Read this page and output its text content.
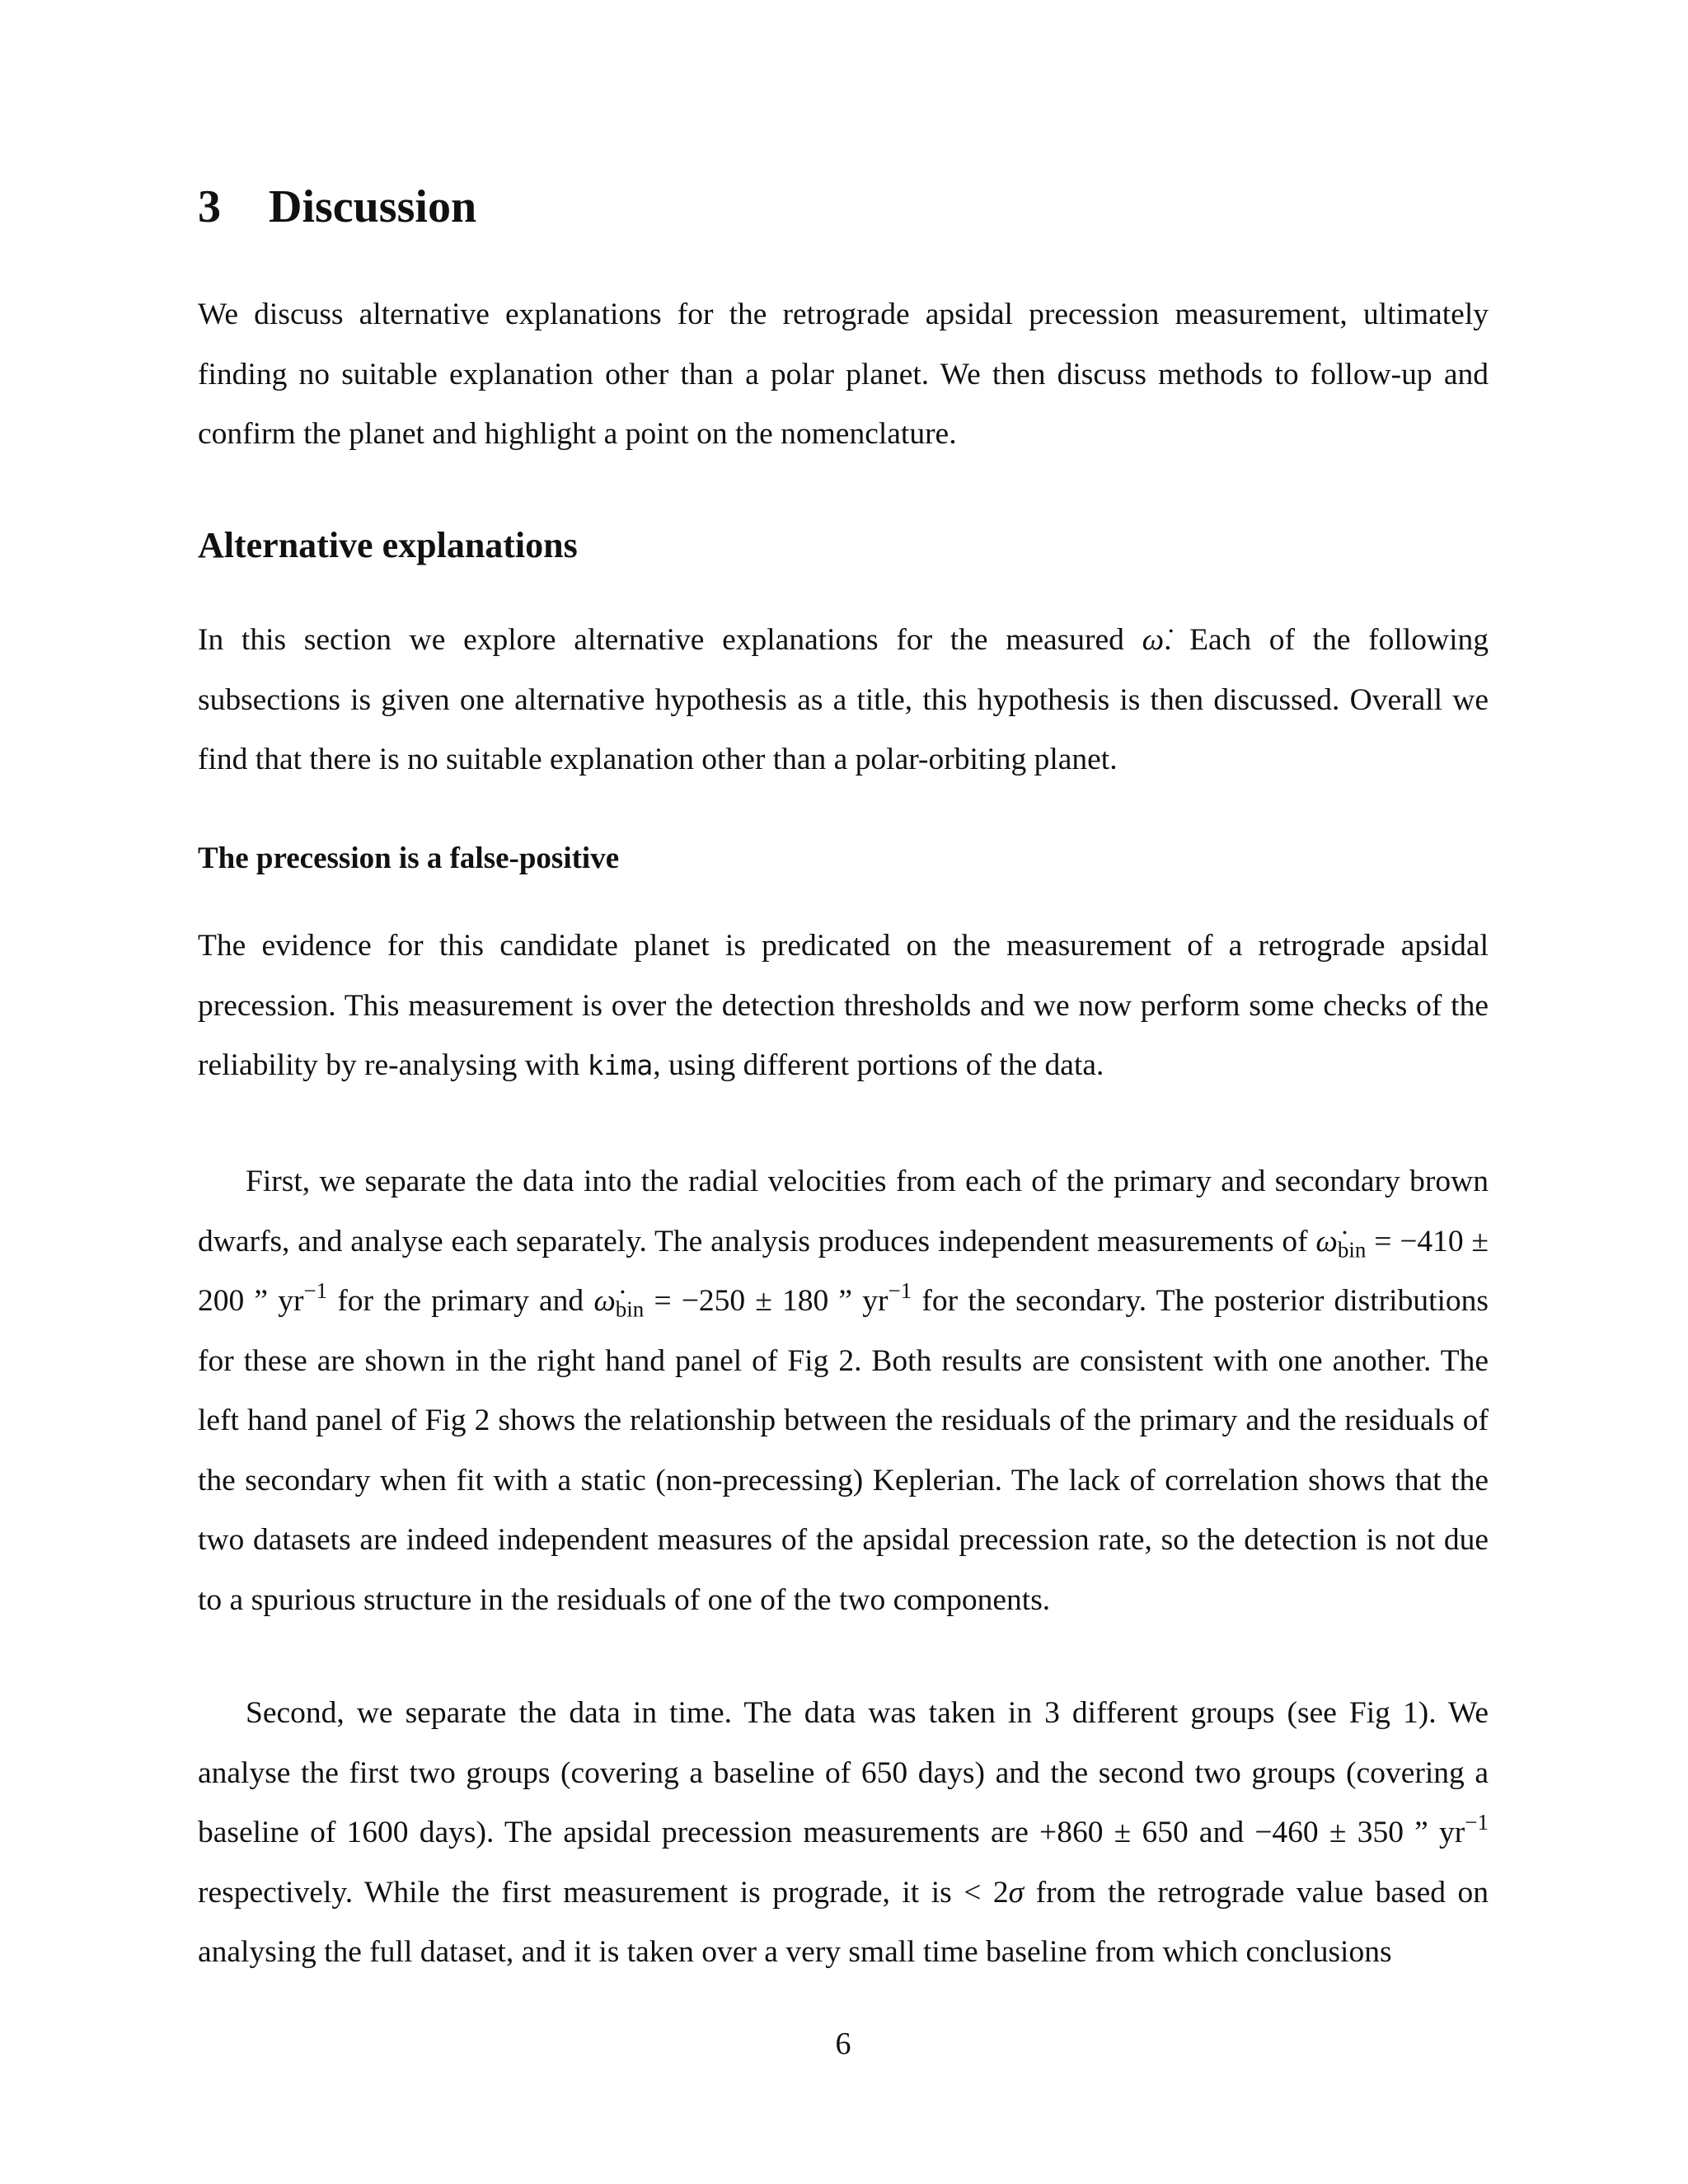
3 Discussion

We discuss alternative explanations for the retrograde apsidal precession measurement, ultimately finding no suitable explanation other than a polar planet. We then discuss methods to follow-up and confirm the planet and highlight a point on the nomenclature.

Alternative explanations

In this section we explore alternative explanations for the measured ω̇. Each of the following subsections is given one alternative hypothesis as a title, this hypothesis is then discussed. Overall we find that there is no suitable explanation other than a polar-orbiting planet.

The precession is a false-positive

The evidence for this candidate planet is predicated on the measurement of a retrograde apsidal precession. This measurement is over the detection thresholds and we now perform some checks of the reliability by re-analysing with kima, using different portions of the data.

First, we separate the data into the radial velocities from each of the primary and secondary brown dwarfs, and analyse each separately. The analysis produces independent measurements of $\omegȧ_{bin} = -410 \pm 200$ ” $yr^{-1}$ for the primary and $\omegȧ_{bin} = -250 \pm 180$ ” $yr^{-1}$ for the secondary. The posterior distributions for these are shown in the right hand panel of Fig 2. Both results are consistent with one another. The left hand panel of Fig 2 shows the relationship between the residuals of the primary and the residuals of the secondary when fit with a static (non-precessing) Keplerian. The lack of correlation shows that the two datasets are indeed independent measures of the apsidal precession rate, so the detection is not due to a spurious structure in the residuals of one of the two components.

Second, we separate the data in time. The data was taken in 3 different groups (see Fig 1). We analyse the first two groups (covering a baseline of 650 days) and the second two groups (covering a baseline of 1600 days). The apsidal precession measurements are +860 ± 650 and −460 ± 350 ” $yr^{-1}$ respectively. While the first measurement is prograde, it is < 2σ from the retrograde value based on analysing the full dataset, and it is taken over a very small time baseline from which conclusions

6
